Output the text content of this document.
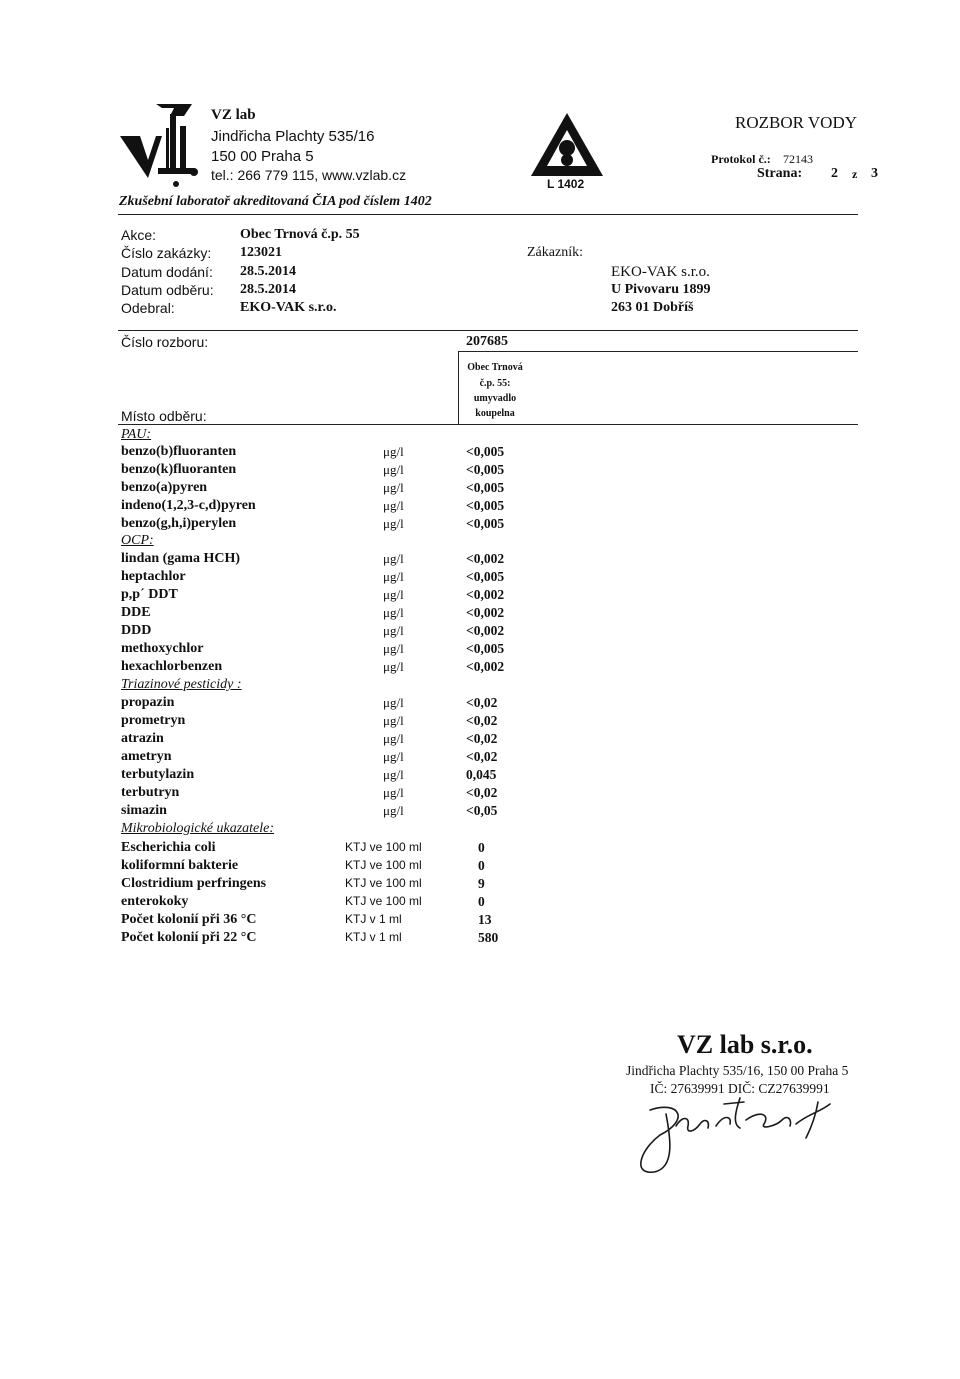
VZ lab
Jindřicha Plachty 535/16
150 00 Praha 5
tel.: 266 779 115, www.vzlab.cz
Zkušební laboratoř akreditovaná ČIA pod číslem 1402
L 1402
ROZBOR VODY
Protokol č.: 72143
Strana: 2 z 3
Akce:	Obec Trnová č.p. 55
Číslo zakázky: 123021
Datum dodání: 28.5.2014
Datum odběru: 28.5.2014
Odebral:	EKO-VAK s.r.o.
Zákazník:
EKO-VAK s.r.o.
U Pivovaru 1899
263 01 Dobříš
Číslo rozboru:	207685
Místo odběru:
Obec Trnová
č.p. 55:
umyvadlo
koupelna
PAU:
benzo(b)fluoranten	μg/l	<0,005
benzo(k)fluoranten	μg/l	<0,005
benzo(a)pyren	μg/l	<0,005
indeno(1,2,3-c,d)pyren	μg/l	<0,005
benzo(g,h,i)perylen	μg/l	<0,005
OCP:
lindan (gama HCH)	μg/l	<0,002
heptachlor	μg/l	<0,005
p,p´ DDT	μg/l	<0,002
DDE	μg/l	<0,002
DDD	μg/l	<0,002
methoxychlor	μg/l	<0,005
hexachlorbenzen	μg/l	<0,002
Triazinové pesticidy :
propazin	μg/l	<0,02
prometryn	μg/l	<0,02
atrazin	μg/l	<0,02
ametryn	μg/l	<0,02
terbutylazin	μg/l	0,045
terbutryn	μg/l	<0,02
simazin	μg/l	<0,05
Mikrobiologické ukazatele:
Escherichia coli	KTJ ve 100 ml	0
koliformní bakterie	KTJ ve 100 ml	0
Clostridium perfringens	KTJ ve 100 ml	9
enterokoky	KTJ ve 100 ml	0
Počet kolonií při 36 °C	KTJ v 1 ml	13
Počet kolonií při 22 °C	KTJ v 1 ml	580
VZ lab s.r.o.
Jindřicha Plachty 535/16, 150 00 Praha 5
IČ: 27639991 DIČ: CZ27639991
